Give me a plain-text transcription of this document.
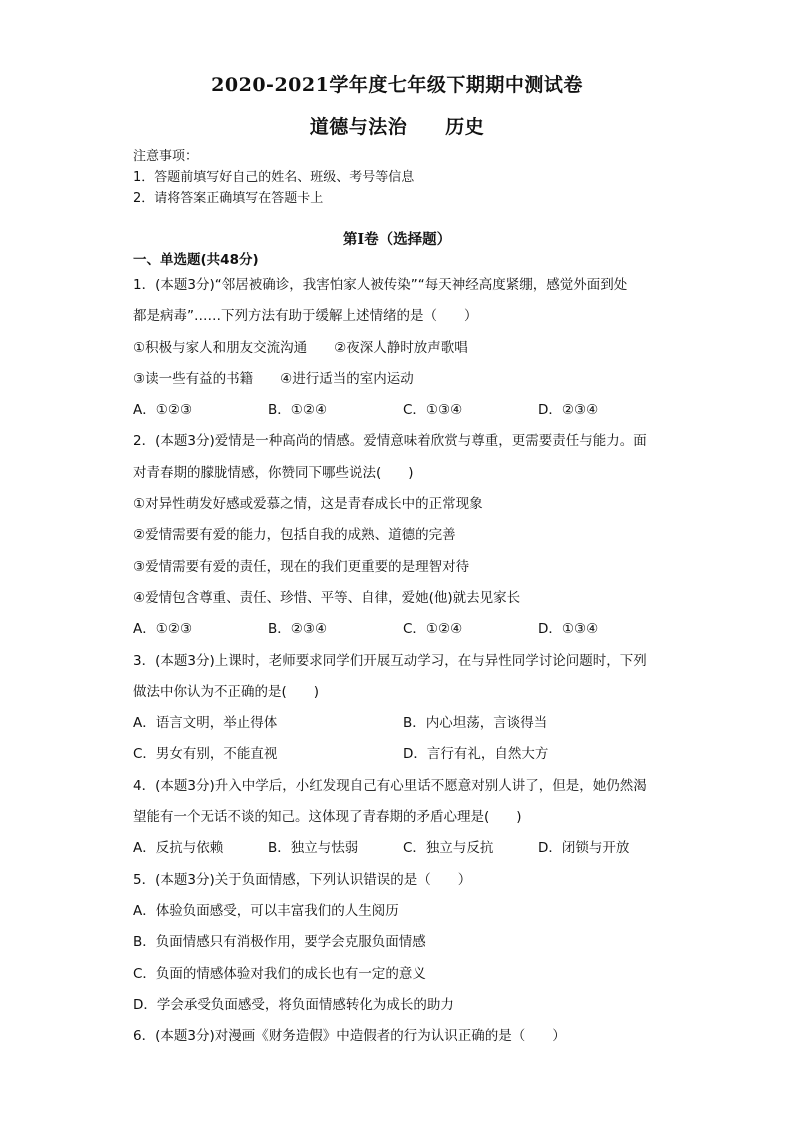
2020-2021学年度七年级下期期中测试卷
道德与法治 历史
注意事项：
1．答题前填写好自己的姓名、班级、考号等信息
2．请将答案正确填写在答题卡上
第I卷（选择题）
一、单选题(共48分)
1．(本题3分)“邻居被确诊，我害怕家人被传染”“每天神经高度紧绷，感觉外面到处
都是病毒”……下列方法有助于缓解上述情绪的是（　　）
①积极与家人和朋友交流沟通　　②夜深人静时放声歌唱
③读一些有益的书籍　　④进行适当的室内运动
A．①②③	B．①②④	C．①③④	D．②③④
2．(本题3分)爱情是一种高尚的情感。爱情意味着欣赏与尊重，更需要责任与能力。面
对青春期的朦胧情感，你赞同下哪些说法(　　)
①对异性萌发好感或爱慕之情，这是青春成长中的正常现象
②爱情需要有爱的能力，包括自我的成熟、道德的完善
③爱情需要有爱的责任，现在的我们更重要的是理智对待
④爱情包含尊重、责任、珍惜、平等、自律，爱她(他)就去见家长
A．①②③	B．②③④	C．①②④	D．①③④
3．(本题3分)上课时，老师要求同学们开展互动学习，在与异性同学讨论问题时，下列
做法中你认为不正确的是(　　)
A．语言文明，举止得体	B．内心坦荡，言谈得当
C．男女有别，不能直视	D．言行有礼，自然大方
4．(本题3分)升入中学后，小红发现自己有心里话不愿意对别人讲了，但是，她仍然渴
望能有一个无话不谈的知己。这体现了青春期的矛盾心理是(　　)
A．反抗与依赖	B．独立与怯弱	C．独立与反抗	D．闭锁与开放
5．(本题3分)关于负面情感，下列认识错误的是（　　）
A．体验负面感受，可以丰富我们的人生阅历
B．负面情感只有消极作用，要学会克服负面情感
C．负面的情感体验对我们的成长也有一定的意义
D．学会承受负面感受，将负面情感转化为成长的助力
6．(本题3分)对漫画《财务造假》中造假者的行为认识正确的是（　　）
